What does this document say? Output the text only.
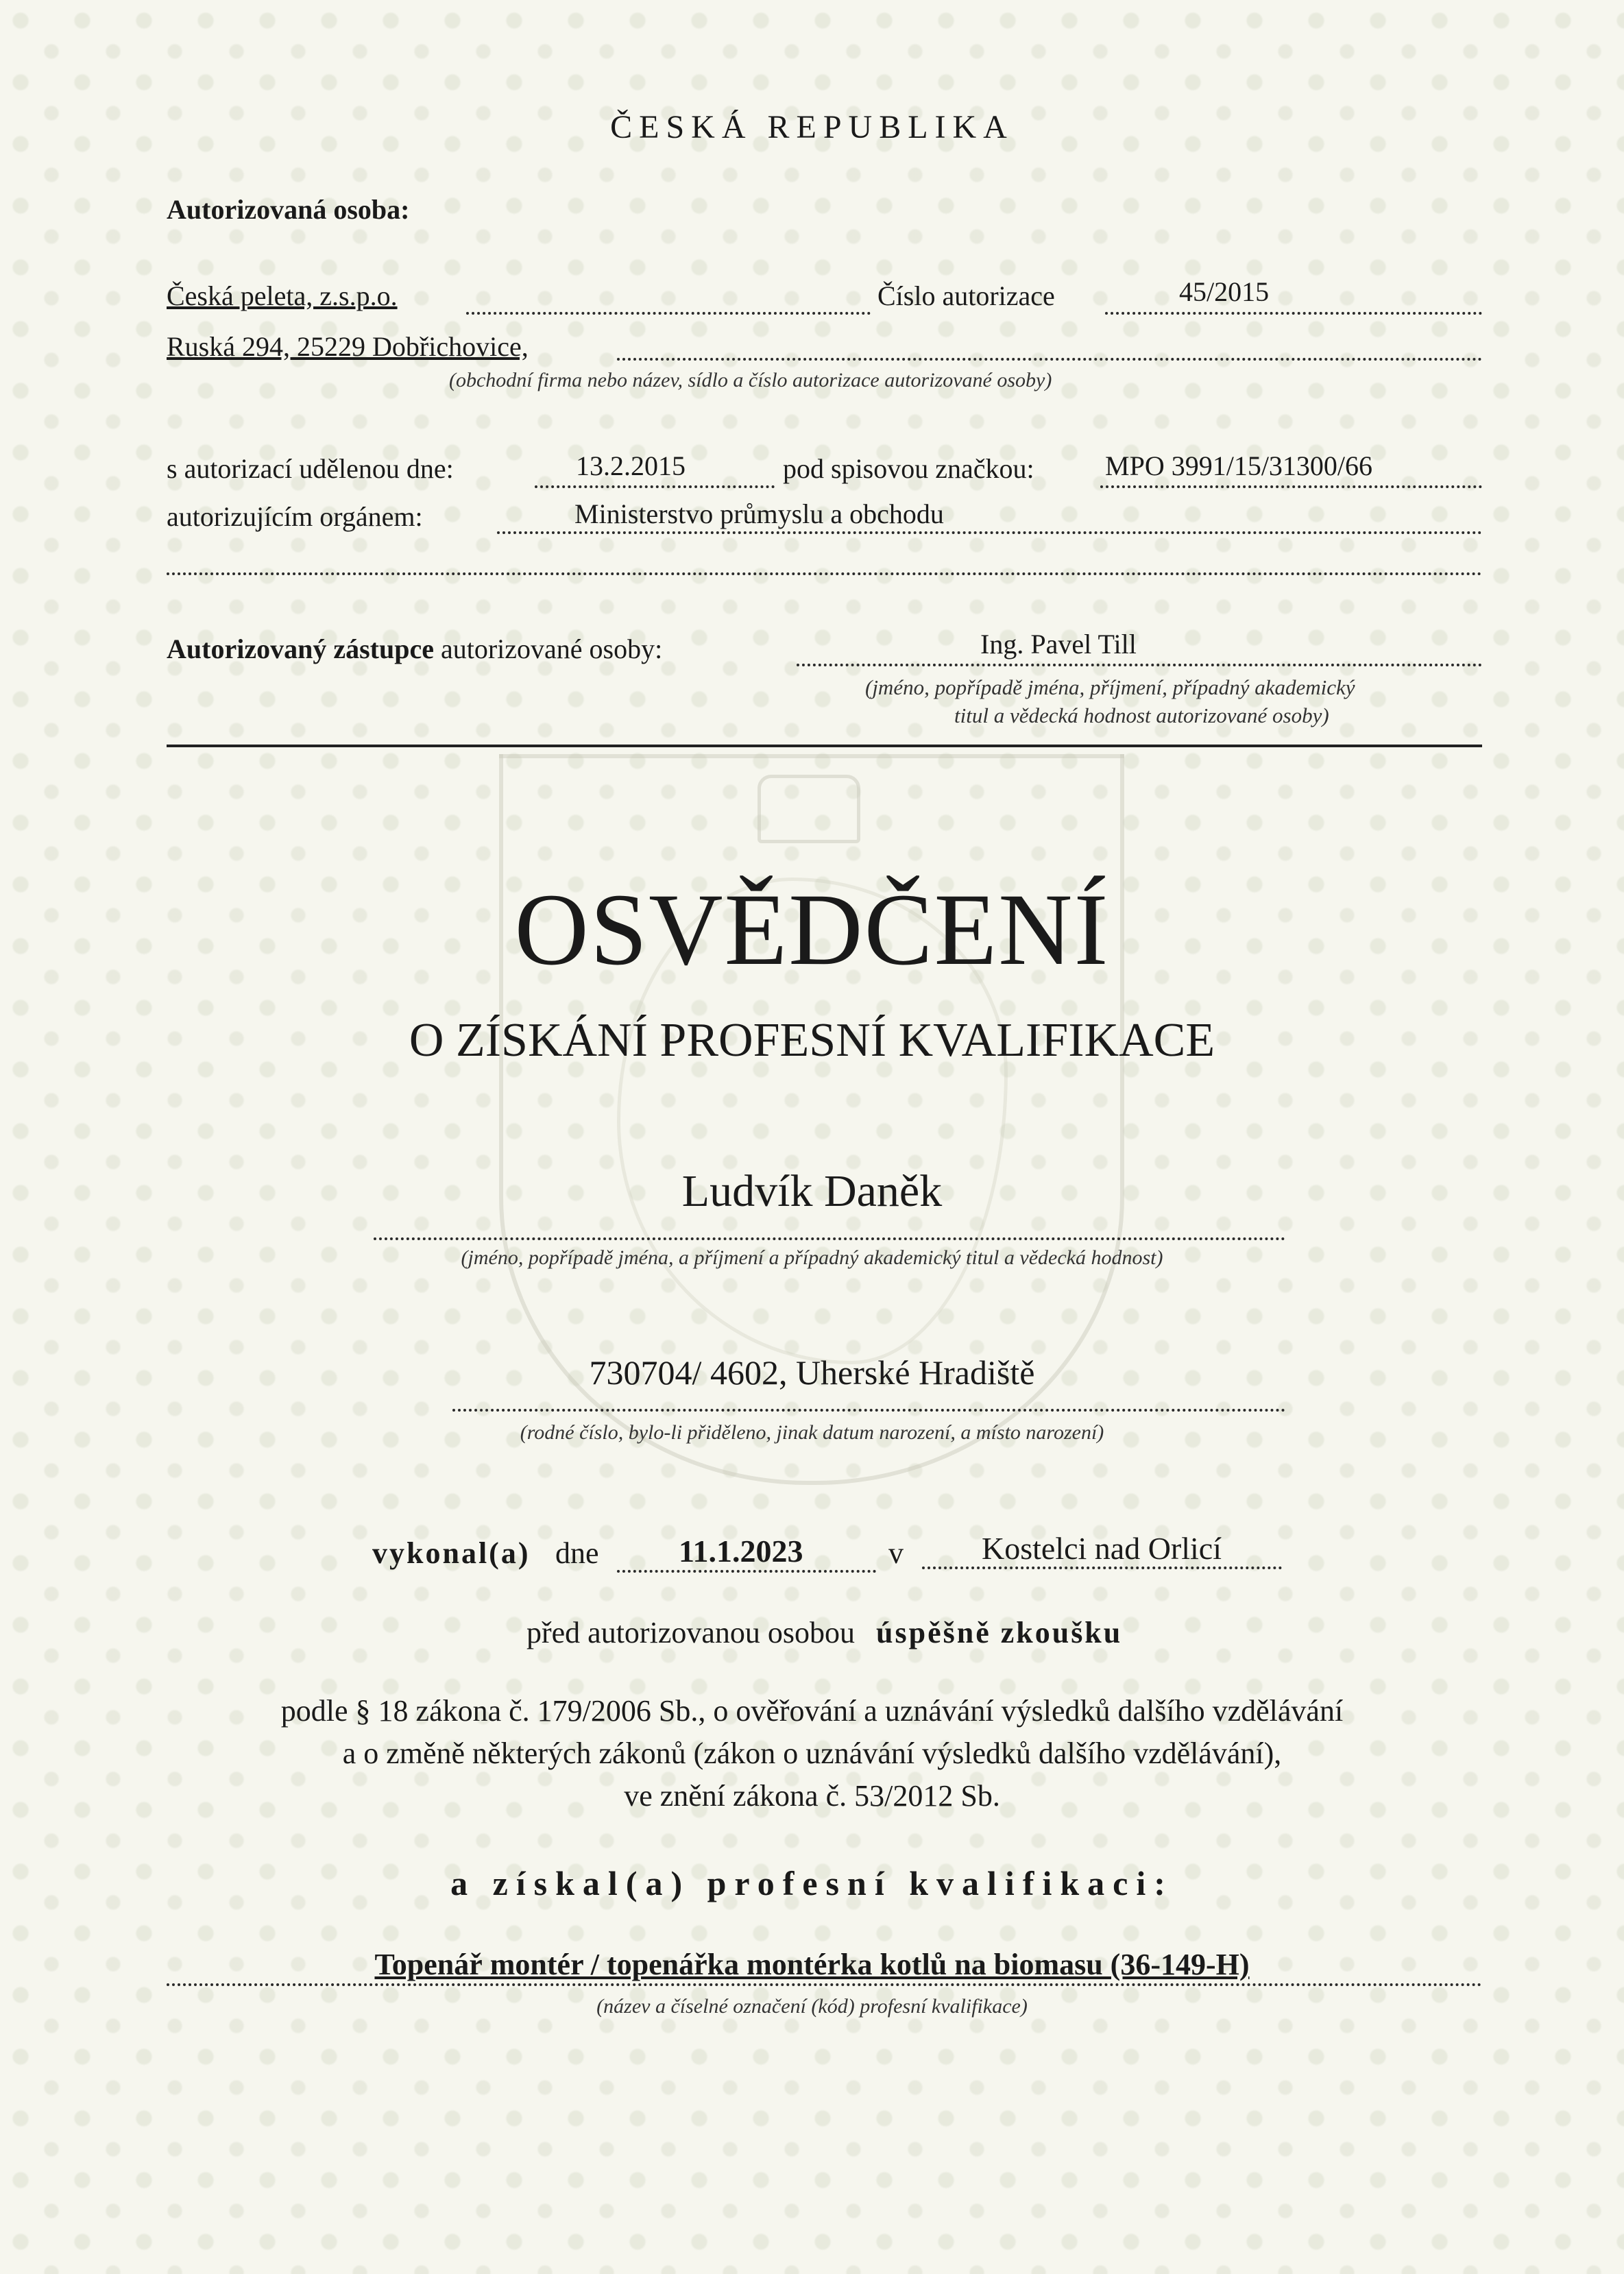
ČESKÁ REPUBLIKA
Autorizovaná osoba:
Česká peleta, z.s.p.o.	Číslo autorizace	45/2015
Ruská 294, 25229 Dobřichovice,
(obchodní firma nebo název, sídlo a číslo autorizace autorizované osoby)
s autorizací udělenou dne:	13.2.2015	pod spisovou značkou:	MPO 3991/15/31300/66
autorizujícím orgánem:	Ministerstvo průmyslu a obchodu
Autorizovaný zástupce autorizované osoby:	Ing. Pavel Till
(jméno, popřípadě jména, příjmení, případný akademický
titul a vědecká hodnost autorizované osoby)
OSVĚDČENÍ
O ZÍSKÁNÍ PROFESNÍ KVALIFIKACE
Ludvík Daněk
(jméno, popřípadě jména, a příjmení a případný akademický titul a vědecká hodnost)
730704/ 4602, Uherské Hradiště
(rodné číslo, bylo-li přiděleno, jinak datum narození, a místo narození)
vykonal(a) dne	11.1.2023	v Kostelci nad Orlicí
před autorizovanou osobou úspěšně zkoušku
podle § 18 zákona č. 179/2006 Sb., o ověřování a uznávání výsledků dalšího vzdělávání
a o změně některých zákonů (zákon o uznávání výsledků dalšího vzdělávání),
ve znění zákona č. 53/2012 Sb.
a získal(a) profesní kvalifikaci:
Topenář montér / topenářka montérka kotlů na biomasu (36-149-H)
(název a číselné označení (kód) profesní kvalifikace)
